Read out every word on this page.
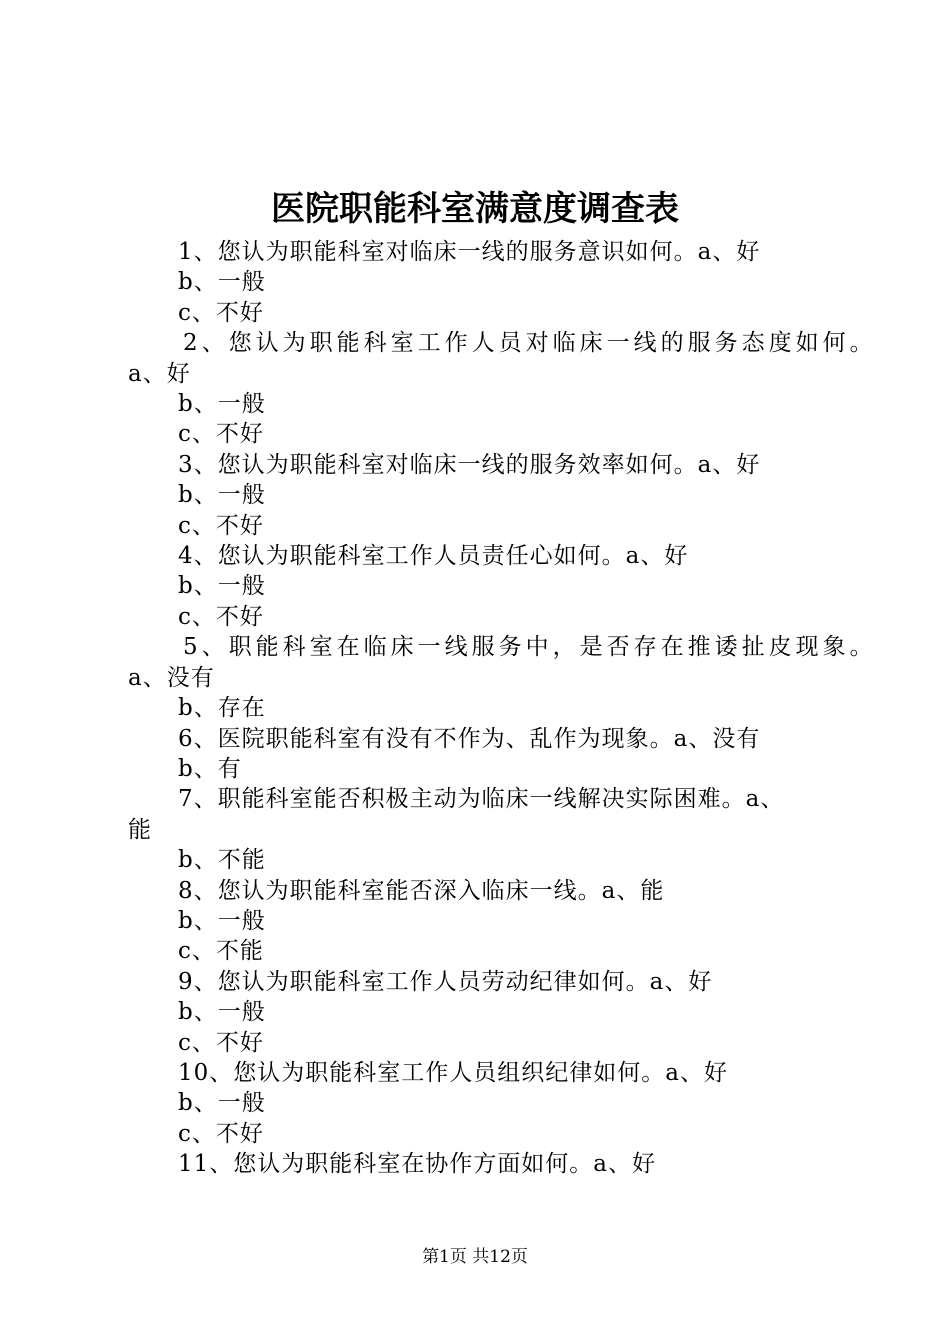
医院职能科室满意度调查表
1、您认为职能科室对临床一线的服务意识如何。a、好
b、一般
c、不好
2、您认为职能科室工作人员对临床一线的服务态度如何。
a、好
b、一般
c、不好
3、您认为职能科室对临床一线的服务效率如何。a、好
b、一般
c、不好
4、您认为职能科室工作人员责任心如何。a、好
b、一般
c、不好
5、职能科室在临床一线服务中，是否存在推诿扯皮现象。
a、没有
b、存在
6、医院职能科室有没有不作为、乱作为现象。a、没有
b、有
7、职能科室能否积极主动为临床一线解决实际困难。a、
能
b、不能
8、您认为职能科室能否深入临床一线。a、能
b、一般
c、不能
9、您认为职能科室工作人员劳动纪律如何。a、好
b、一般
c、不好
10、您认为职能科室工作人员组织纪律如何。a、好
b、一般
c、不好
11、您认为职能科室在协作方面如何。a、好
第1页 共12页
